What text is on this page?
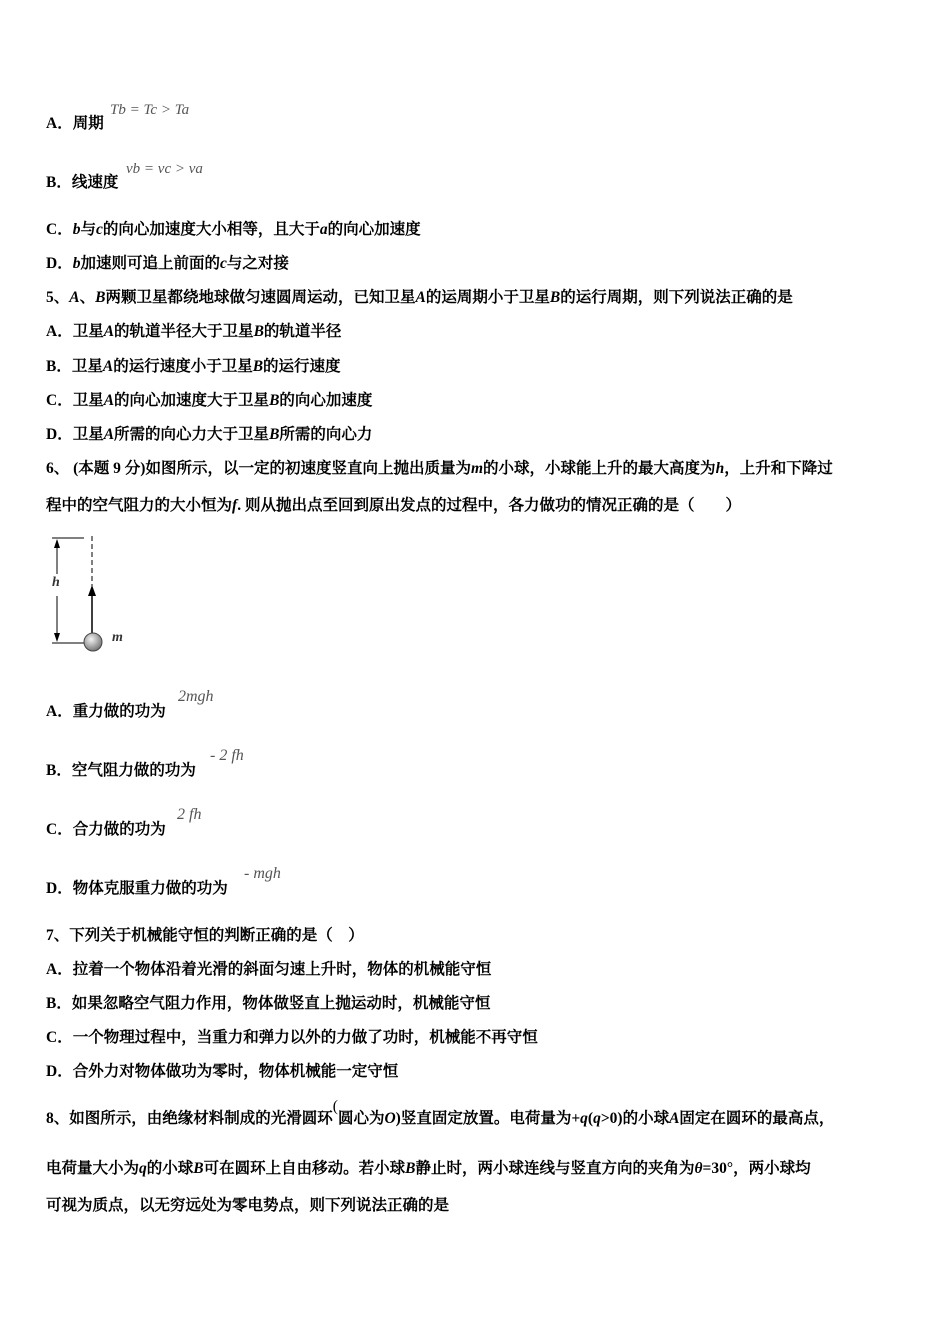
A．周期
Tb = Tc > Ta
B．线速度
vb = vc > va
C．b与c的向心加速度大小相等，且大于a的向心加速度
D．b加速则可追上前面的c与之对接
5、A、B两颗卫星都绕地球做匀速圆周运动，已知卫星A的运周期小于卫星B的运行周期，则下列说法正确的是
A．卫星A的轨道半径大于卫星B的轨道半径
B．卫星A的运行速度小于卫星B的运行速度
C．卫星A的向心加速度大于卫星B的向心加速度
D．卫星A所需的向心力大于卫星B所需的向心力
6、 (本题 9 分)如图所示，以一定的初速度竖直向上抛出质量为m的小球，小球能上升的最大高度为h，上升和下降过
程中的空气阻力的大小恒为f. 则从抛出点至回到原出发点的过程中，各力做功的情况正确的是（　　）
h
m
A．重力做的功为
2mgh
B．空气阻力做的功为
- 2 fh
C．合力做的功为
2 fh
D．物体克服重力做的功为
- mgh
7、下列关于机械能守恒的判断正确的是（　）
A．拉着一个物体沿着光滑的斜面匀速上升时，物体的机械能守恒
B．如果忽略空气阻力作用，物体做竖直上抛运动时，机械能守恒
C．一个物理过程中，当重力和弹力以外的力做了功时，机械能不再守恒
D．合外力对物体做功为零时，物体机械能一定守恒
8、如图所示，由绝缘材料制成的光滑圆环(圆心为O)竖直固定放置。电荷量为+q(q>0)的小球A固定在圆环的最高点，
电荷量大小为q的小球B可在圆环上自由移动。若小球B静止时，两小球连线与竖直方向的夹角为θ=30°，两小球均
可视为质点，以无穷远处为零电势点，则下列说法正确的是
